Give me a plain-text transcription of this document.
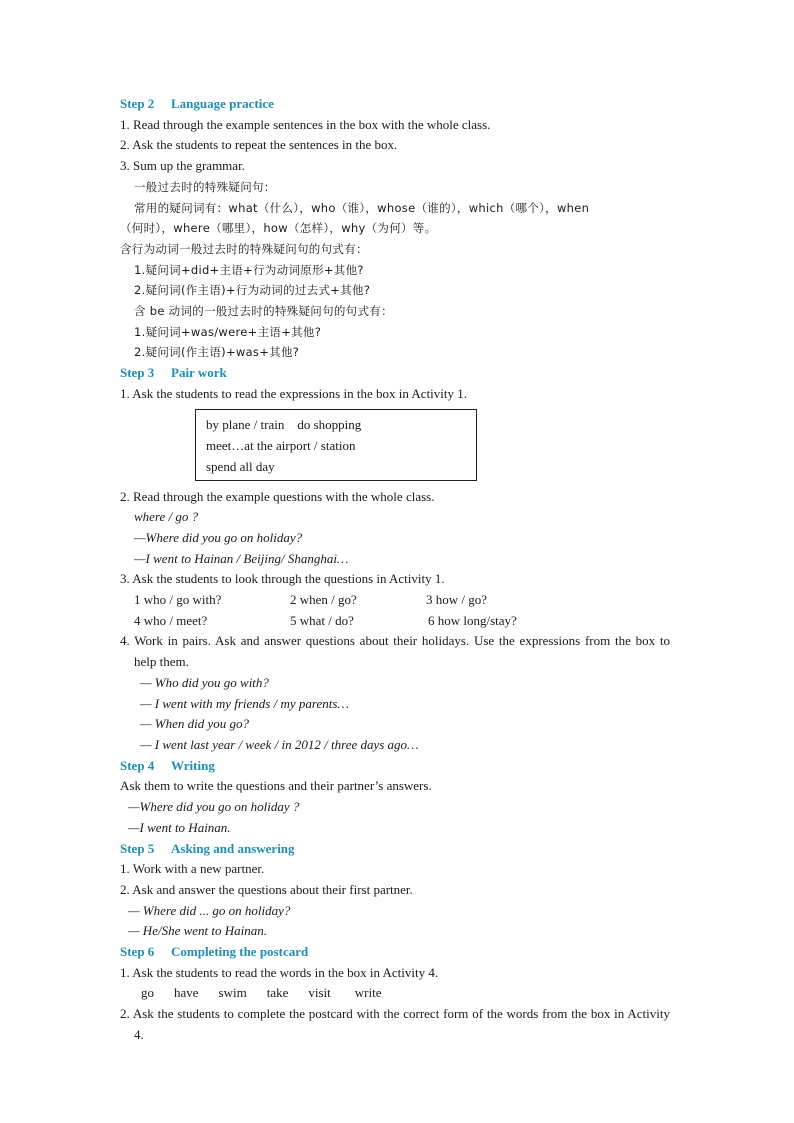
Step 2 Language practice
1. Read through the example sentences in the box with the whole class.
2. Ask the students to repeat the sentences in the box.
3. Sum up the grammar.
一般过去时的特殊疑问句：
常用的疑问词有：what（什么），who（谁），whose（谁的），which（哪个），when
（何时），where（哪里），how（怎样），why（为何）等。
含行为动词一般过去时的特殊疑问句的句式有：
1.疑问词+did+主语+行为动词原形+其他?
2.疑问词(作主语)+行为动词的过去式+其他?
含 be 动词的一般过去时的特殊疑问句的句式有：
1.疑问词+was/were+主语+其他?
2.疑问词(作主语)+was+其他?
Step 3 Pair work
1. Ask the students to read the expressions in the box in Activity 1.
by plane / train    do shopping
meet…at the airport / station
spend all day
2. Read through the example questions with the whole class.
where / go ?
—Where did you go on holiday?
—I went to Hainan / Beijing/ Shanghai…
3. Ask the students to look through the questions in Activity 1.
1 who / go with?	2 when / go?	3 how / go?
4 who / meet?	5 what / do?	6 how long/stay?
4. Work in pairs. Ask and answer questions about their holidays. Use the expressions from the box to help them.
— Who did you go with?
— I went with my friends / my parents…
— When did you go?
— I went last year / week / in 2012 / three days ago…
Step 4 Writing
Ask them to write the questions and their partner’s answers.
—Where did you go on holiday ?
—I went to Hainan.
Step 5 Asking and answering
1. Work with a new partner.
2. Ask and answer the questions about their first partner.
— Where did ... go on holiday?
— He/She went to Hainan.
Step 6 Completing the postcard
1. Ask the students to read the words in the box in Activity 4.
go have swim take visit write
2. Ask the students to complete the postcard with the correct form of the words from the box in Activity 4.
